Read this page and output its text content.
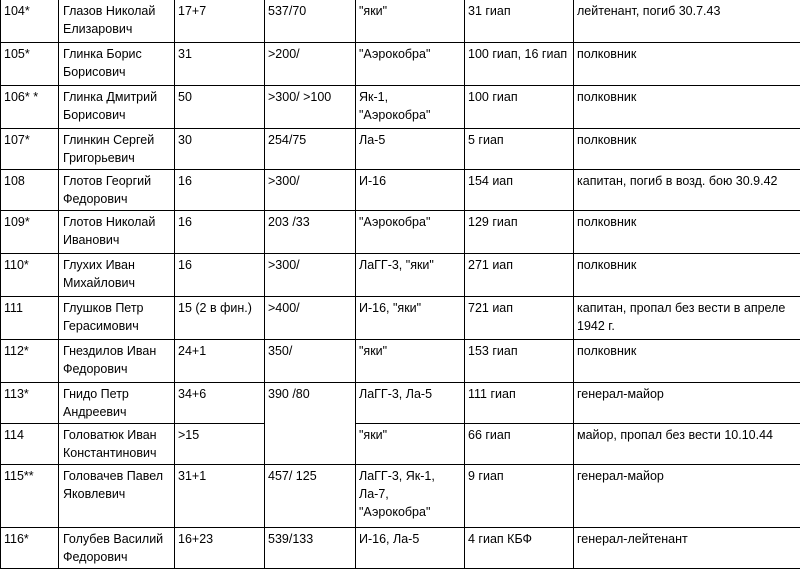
104*	Глазов Николай Елизарович	17+7	537/70	"яки"	31 гиап	лейтенант, погиб 30.7.43
105*	Глинка Борис Борисович	31	>200/	"Аэрокобра"	100 гиап, 16 гиап	полковник
106* *	Глинка Дмитрий Борисович	50	>300/ >100	Як-1, "Аэрокобра"	100 гиап	полковник
107*	Глинкин Сергей Григорьевич	30	254/75	Ла-5	5 гиап	полковник
108	Глотов Георгий Федорович	16	>300/	И-16	154 иап	капитан, погиб в возд. бою 30.9.42
109*	Глотов Николай Иванович	16	203 /33	"Аэрокобра"	129 гиап	полковник
110*	Глухих Иван Михайлович	16	>300/	ЛаГГ-3, "яки"	271 иап	полковник
111	Глушков Петр Герасимович	15 (2 в фин.)	>400/	И-16, "яки"	721 иап	капитан, пропал без вести в апреле 1942 г.
112*	Гнездилов Иван Федорович	24+1	350/	"яки"	153 гиап	полковник
113*	Гнидо Петр Андреевич	34+6	390 /80	ЛаГГ-3, Ла-5	111 гиап	генерал-майор
114	Головатюк Иван Константинович	>15		"яки"	66 гиап	майор, пропал без вести 10.10.44
115**	Головачев Павел Яковлевич	31+1	457/ 125	ЛаГГ-3, Як-1, Ла-7, "Аэрокобра"	9 гиап	генерал-майор
116*	Голубев Василий Федорович	16+23	539/133	И-16, Ла-5	4 гиап КБФ	генерал-лейтенант
